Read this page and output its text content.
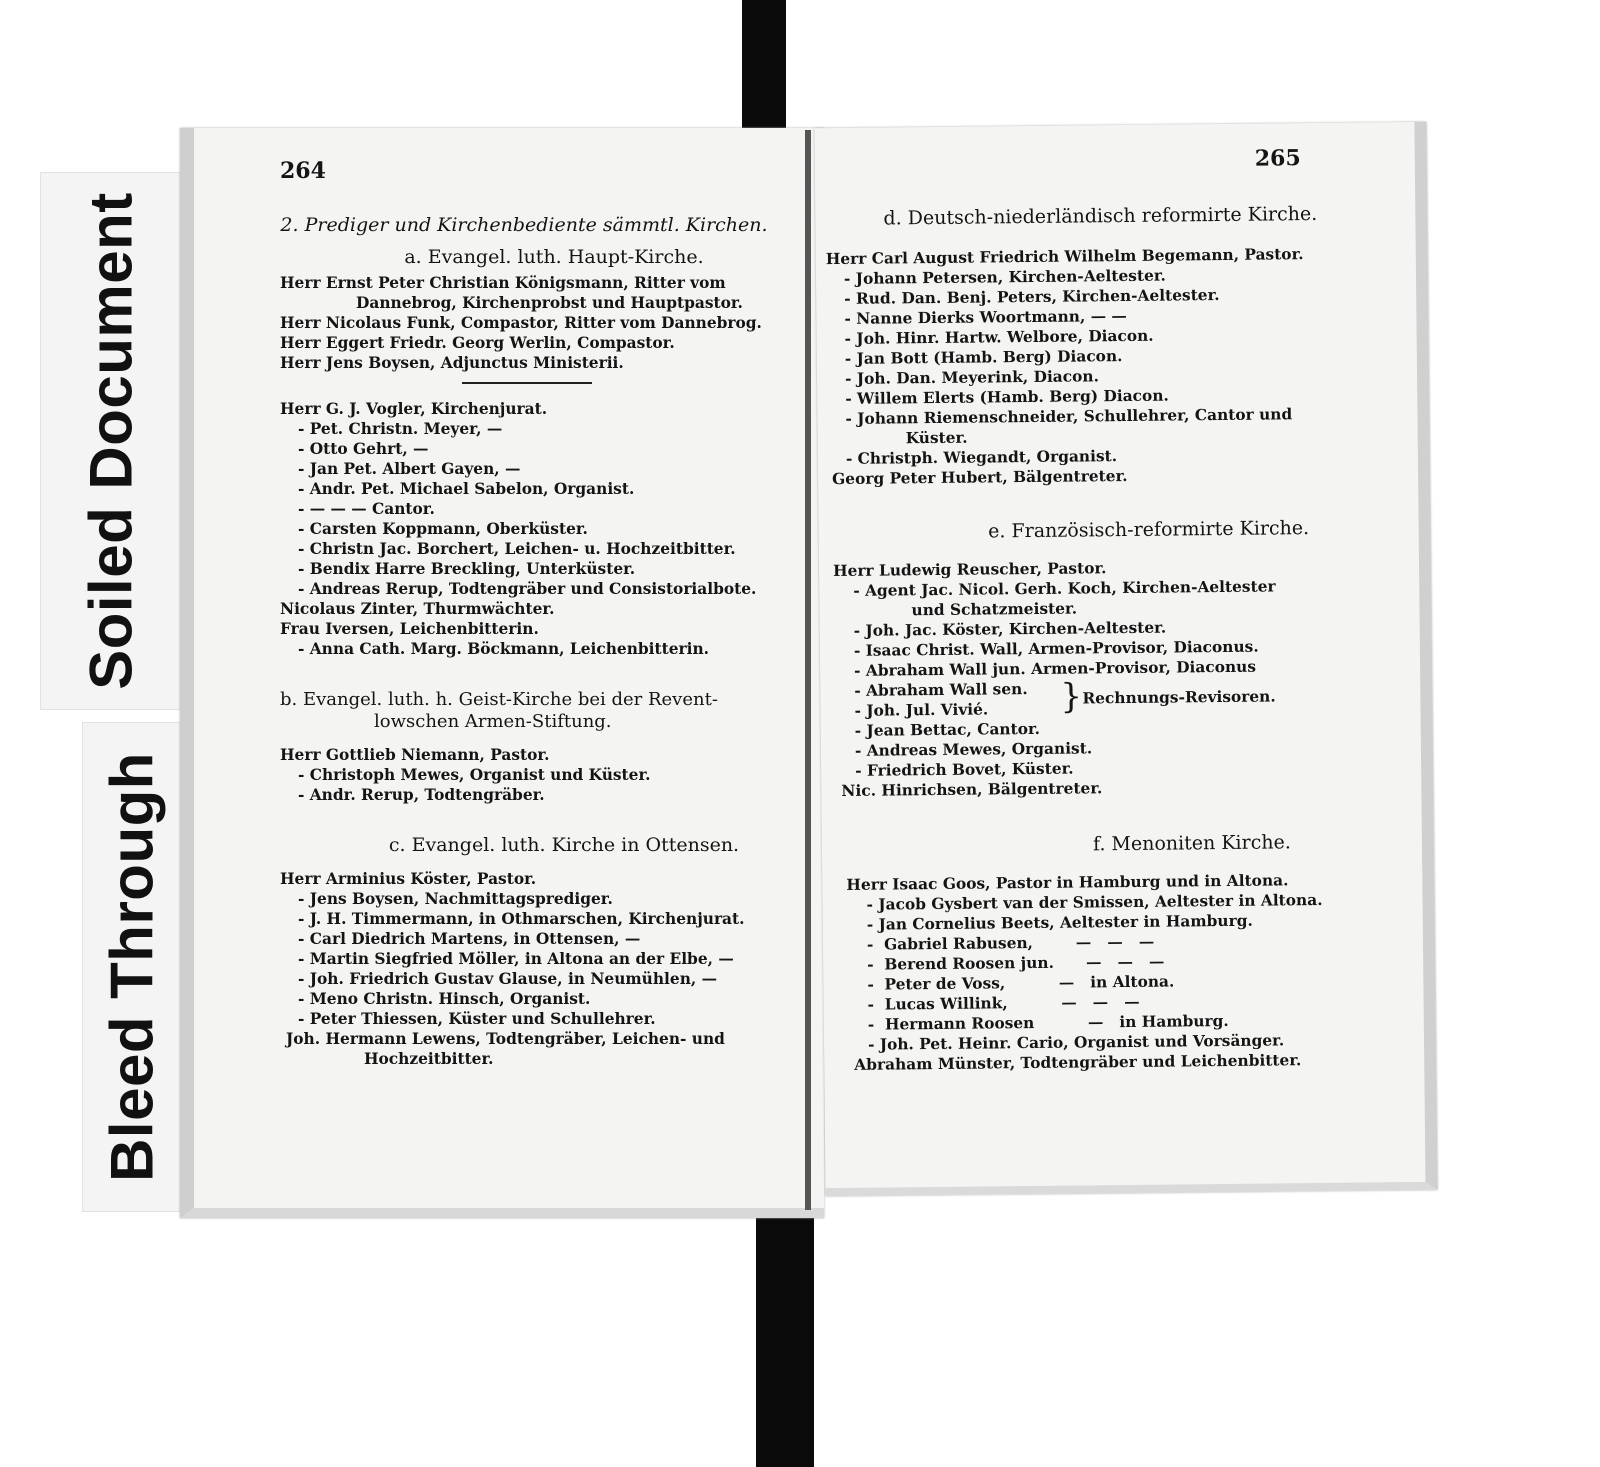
Soiled Document
Bleed Through
264
2. Prediger und Kirchenbediente sämmtl. Kirchen.
a. Evangel. luth. Haupt-Kirche.
Herr Ernst Peter Christian Königsmann, Ritter vom
Dannebrog, Kirchenprobst und Hauptpastor.
Herr Nicolaus Funk, Compastor, Ritter vom Dannebrog.
Herr Eggert Friedr. Georg Werlin, Compastor.
Herr Jens Boysen, Adjunctus Ministerii.
Herr G. J. Vogler, Kirchenjurat.
- Pet. Christn. Meyer, —
- Otto Gehrt, —
- Jan Pet. Albert Gayen, —
- Andr. Pet. Michael Sabelon, Organist.
- — — — Cantor.
- Carsten Koppmann, Oberküster.
- Christn Jac. Borchert, Leichen- u. Hochzeitbitter.
- Bendix Harre Breckling, Unterküster.
- Andreas Rerup, Todtengräber und Consistorialbote.
Nicolaus Zinter, Thurmwächter.
Frau Iversen, Leichenbitterin.
- Anna Cath. Marg. Böckmann, Leichenbitterin.
b. Evangel. luth. h. Geist-Kirche bei der Revent-
lowschen Armen-Stiftung.
Herr Gottlieb Niemann, Pastor.
- Christoph Mewes, Organist und Küster.
- Andr. Rerup, Todtengräber.
c. Evangel. luth. Kirche in Ottensen.
Herr Arminius Köster, Pastor.
- Jens Boysen, Nachmittagsprediger.
- J. H. Timmermann, in Othmarschen, Kirchenjurat.
- Carl Diedrich Martens, in Ottensen, —
- Martin Siegfried Möller, in Altona an der Elbe, —
- Joh. Friedrich Gustav Glause, in Neumühlen, —
- Meno Christn. Hinsch, Organist.
- Peter Thiessen, Küster und Schullehrer.
Joh. Hermann Lewens, Todtengräber, Leichen- und
Hochzeitbitter.
265
d. Deutsch-niederländisch reformirte Kirche.
Herr Carl August Friedrich Wilhelm Begemann, Pastor.
- Johann Petersen, Kirchen-Aeltester.
- Rud. Dan. Benj. Peters, Kirchen-Aeltester.
- Nanne Dierks Woortmann, — —
- Joh. Hinr. Hartw. Welbore, Diacon.
- Jan Bott (Hamb. Berg) Diacon.
- Joh. Dan. Meyerink, Diacon.
- Willem Elerts (Hamb. Berg) Diacon.
- Johann Riemenschneider, Schullehrer, Cantor und
Küster.
- Christph. Wiegandt, Organist.
Georg Peter Hubert, Bälgentreter.
e. Französisch-reformirte Kirche.
Herr Ludewig Reuscher, Pastor.
- Agent Jac. Nicol. Gerh. Koch, Kirchen-Aeltester
und Schatzmeister.
- Joh. Jac. Köster, Kirchen-Aeltester.
- Isaac Christ. Wall, Armen-Provisor, Diaconus.
- Abraham Wall jun. Armen-Provisor, Diaconus
- Abraham Wall sen.
- Joh. Jul. Vivié. } Rechnungs-Revisoren.
- Jean Bettac, Cantor.
- Andreas Mewes, Organist.
- Friedrich Bovet, Küster.
Nic. Hinrichsen, Bälgentreter.
f. Menoniten Kirche.
Herr Isaac Goos, Pastor in Hamburg und in Altona.
- Jacob Gysbert van der Smissen, Aeltester in Altona.
- Jan Cornelius Beets, Aeltester in Hamburg.
-  Gabriel Rabusen,        —   —   —
-  Berend Roosen jun.      —   —   —
-  Peter de Voss,          —   in Altona.
-  Lucas Willink,          —   —   —
-  Hermann Roosen          —   in Hamburg.
- Joh. Pet. Heinr. Cario, Organist und Vorsänger.
Abraham Münster, Todtengräber und Leichenbitter.
